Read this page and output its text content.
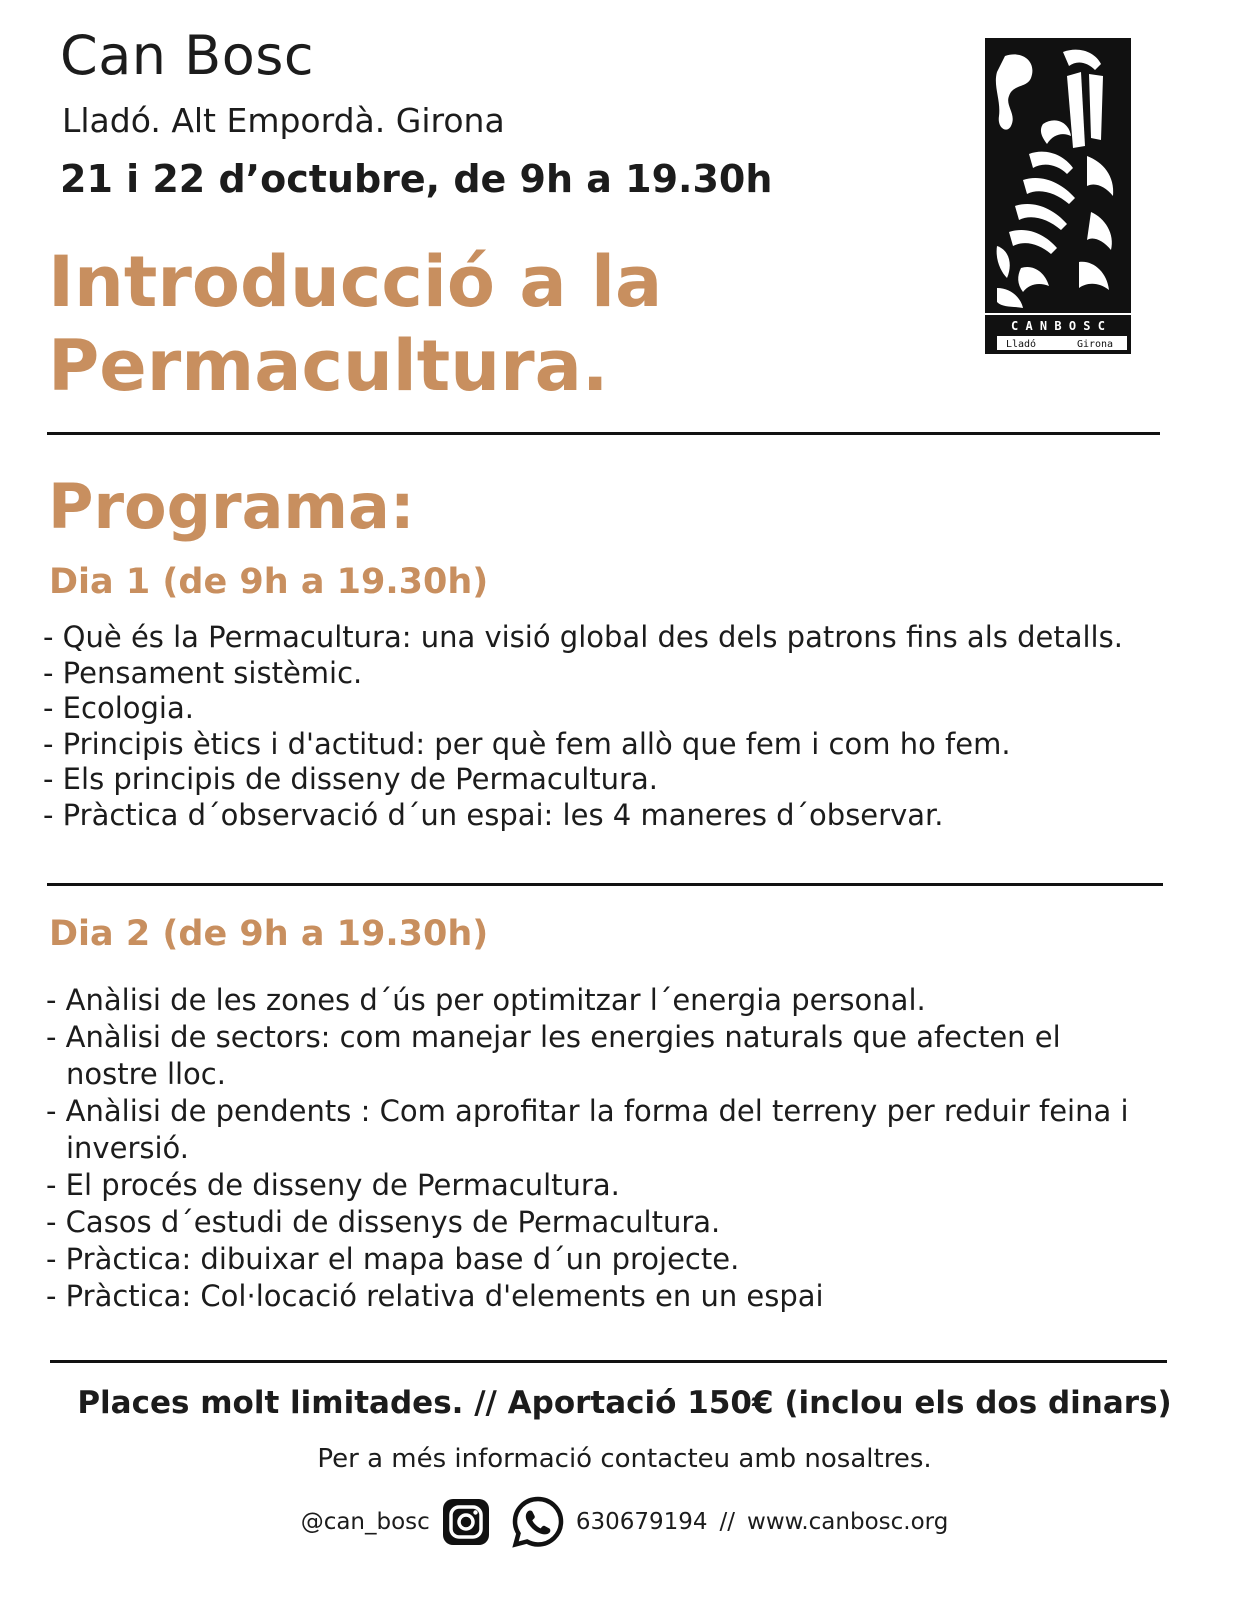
Can Bosc
Lladó. Alt Empordà. Girona
21 i 22 d’octubre, de 9h a 19.30h
Introducció a la
Permacultura.	C A N B O S C
Lladó	Girona
Programa:
Dia 1 (de 9h a 19.30h)
- Què és la Permacultura: una visió global des dels patrons fins als detalls.
- Pensament sistèmic.
- Ecologia.
- Principis ètics i d'actitud: per què fem allò que fem i com ho fem.
- Els principis de disseny de Permacultura.
- Pràctica d´observació d´un espai: les 4 maneres d´observar.
Dia 2 (de 9h a 19.30h)
- Anàlisi de les zones d´ús per optimitzar l´energia personal.
- Anàlisi de sectors: com manejar les energies naturals que afecten el nostre lloc.
- Anàlisi de pendents : Com aprofitar la forma del terreny per reduir feina i inversió.
- El procés de disseny de Permacultura.
- Casos d´estudi de dissenys de Permacultura.
- Pràctica: dibuixar el mapa base d´un projecte.
- Pràctica: Col·locació relativa d'elements en un espai
Places molt limitades. // Aportació 150€ (inclou els dos dinars)
Per a més informació contacteu amb nosaltres.
@can_bosc	630679194 // www.canbosc.org
